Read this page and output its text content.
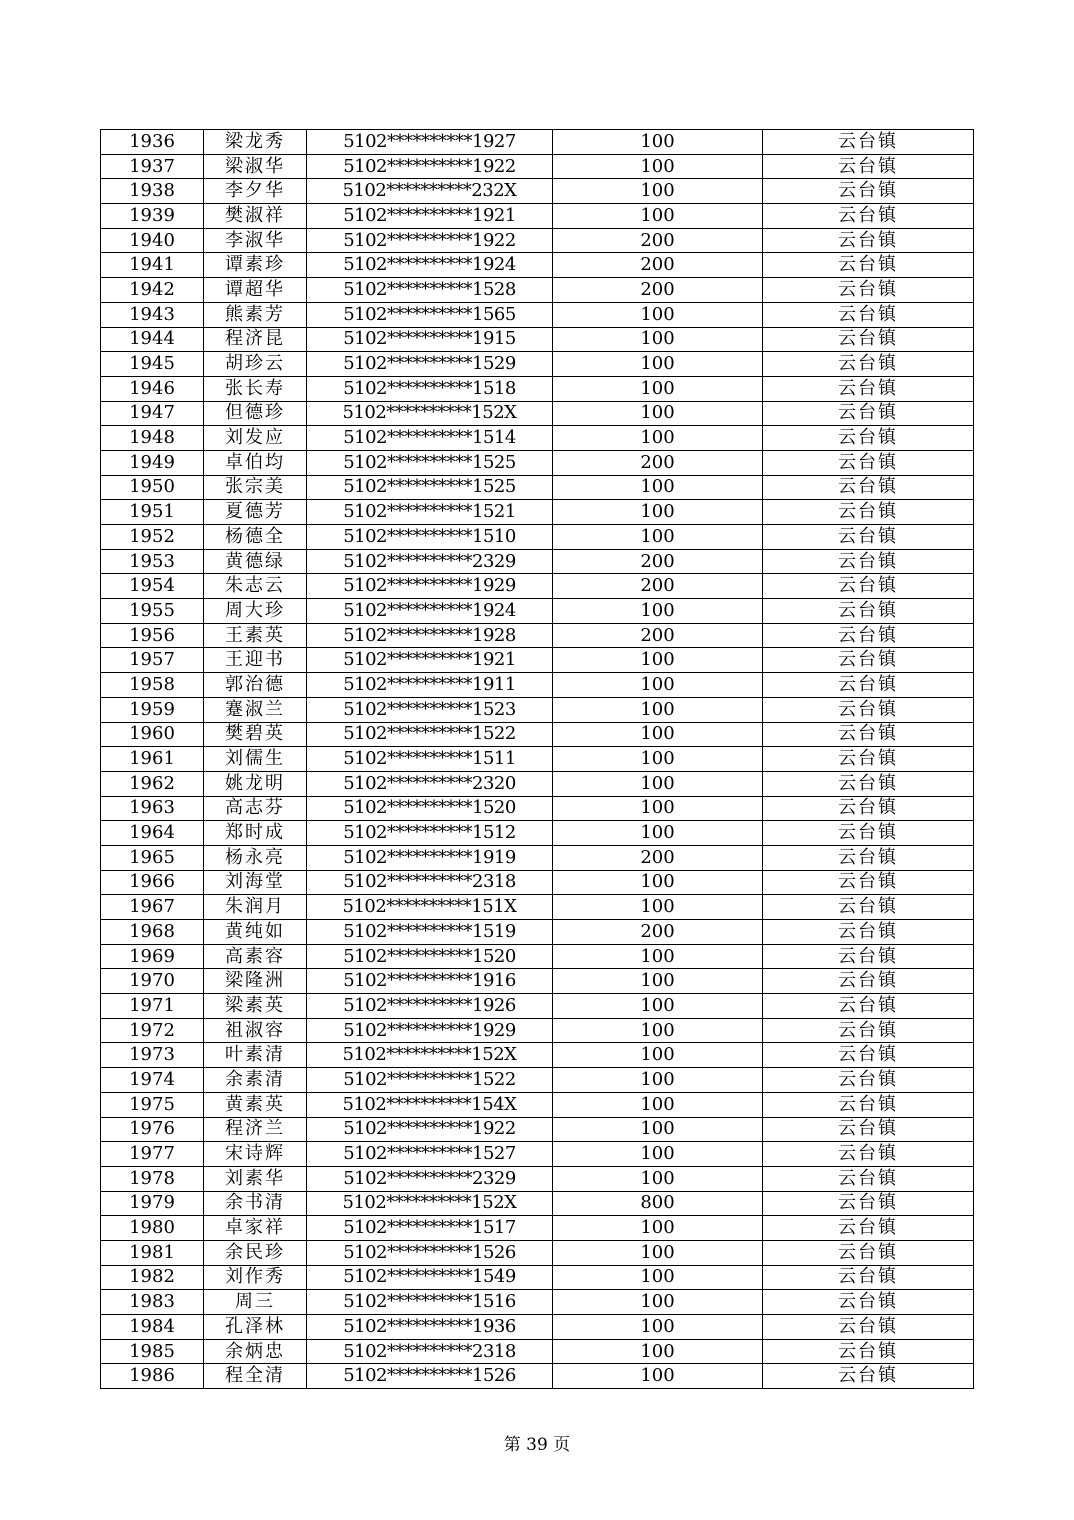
1936	梁龙秀	5102**********1927	100	云台镇
1937	梁淑华	5102**********1922	100	云台镇
1938	李夕华	5102**********232X	100	云台镇
1939	樊淑祥	5102**********1921	100	云台镇
1940	李淑华	5102**********1922	200	云台镇
1941	谭素珍	5102**********1924	200	云台镇
1942	谭超华	5102**********1528	200	云台镇
1943	熊素芳	5102**********1565	100	云台镇
1944	程济昆	5102**********1915	100	云台镇
1945	胡珍云	5102**********1529	100	云台镇
1946	张长寿	5102**********1518	100	云台镇
1947	但德珍	5102**********152X	100	云台镇
1948	刘发应	5102**********1514	100	云台镇
1949	卓伯均	5102**********1525	200	云台镇
1950	张宗美	5102**********1525	100	云台镇
1951	夏德芳	5102**********1521	100	云台镇
1952	杨德全	5102**********1510	100	云台镇
1953	黄德绿	5102**********2329	200	云台镇
1954	朱志云	5102**********1929	200	云台镇
1955	周大珍	5102**********1924	100	云台镇
1956	王素英	5102**********1928	200	云台镇
1957	王迎书	5102**********1921	100	云台镇
1958	郭治德	5102**********1911	100	云台镇
1959	蹇淑兰	5102**********1523	100	云台镇
1960	樊碧英	5102**********1522	100	云台镇
1961	刘儒生	5102**********1511	100	云台镇
1962	姚龙明	5102**********2320	100	云台镇
1963	高志芬	5102**********1520	100	云台镇
1964	郑时成	5102**********1512	100	云台镇
1965	杨永亮	5102**********1919	200	云台镇
1966	刘海堂	5102**********2318	100	云台镇
1967	朱润月	5102**********151X	100	云台镇
1968	黄纯如	5102**********1519	200	云台镇
1969	高素容	5102**********1520	100	云台镇
1970	梁隆洲	5102**********1916	100	云台镇
1971	梁素英	5102**********1926	100	云台镇
1972	祖淑容	5102**********1929	100	云台镇
1973	叶素清	5102**********152X	100	云台镇
1974	余素清	5102**********1522	100	云台镇
1975	黄素英	5102**********154X	100	云台镇
1976	程济兰	5102**********1922	100	云台镇
1977	宋诗辉	5102**********1527	100	云台镇
1978	刘素华	5102**********2329	100	云台镇
1979	余书清	5102**********152X	800	云台镇
1980	卓家祥	5102**********1517	100	云台镇
1981	余民珍	5102**********1526	100	云台镇
1982	刘作秀	5102**********1549	100	云台镇
1983	周三	5102**********1516	100	云台镇
1984	孔泽林	5102**********1936	100	云台镇
1985	余炳忠	5102**********2318	100	云台镇
1986	程全清	5102**********1526	100	云台镇
第 39 页
